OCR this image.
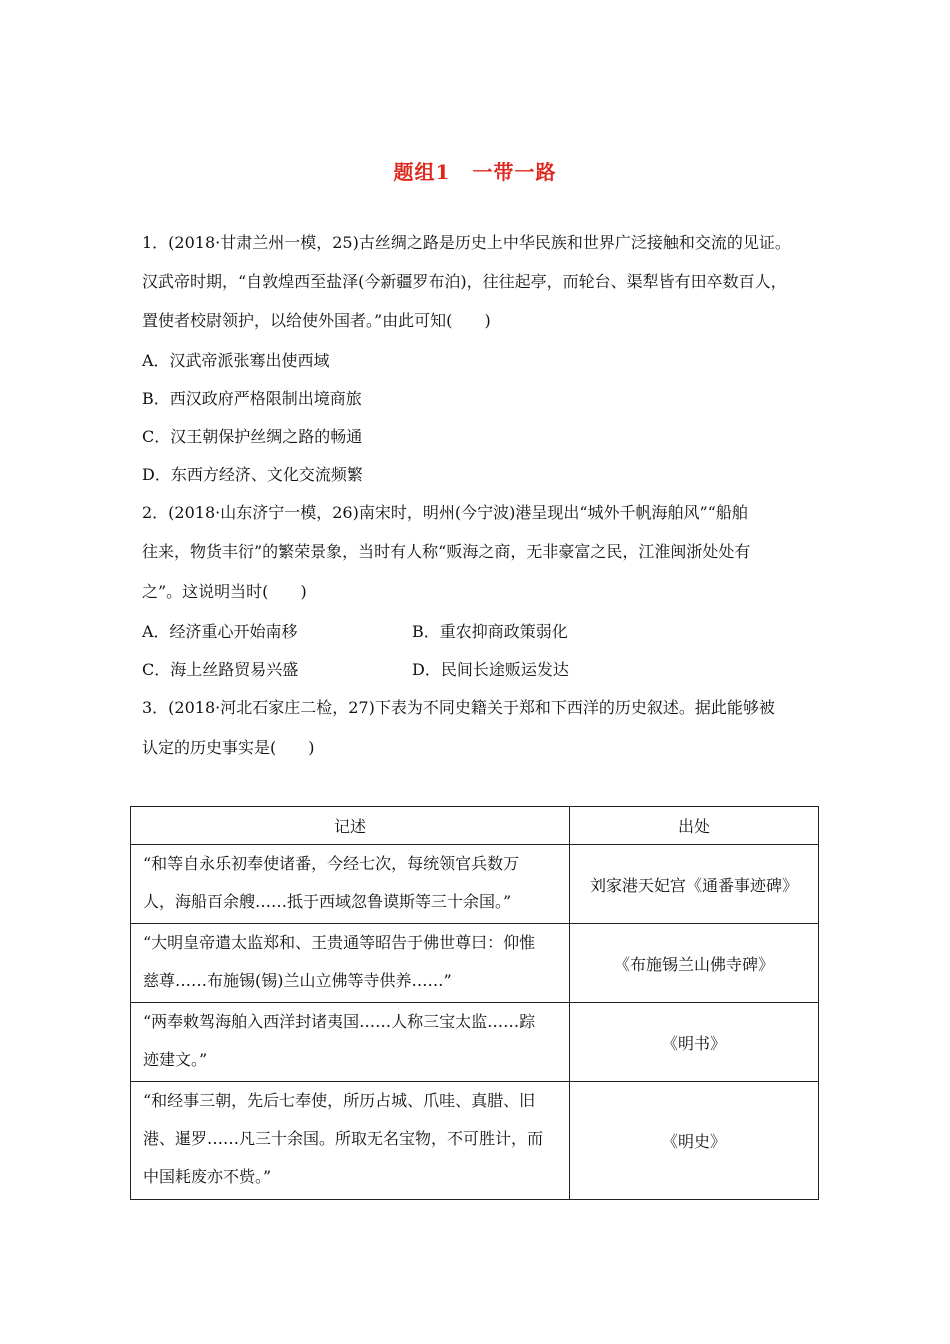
题组1 一带一路
1．(2018·甘肃兰州一模，25)古丝绸之路是历史上中华民族和世界广泛接触和交流的见证。
汉武帝时期，“自敦煌西至盐泽(今新疆罗布泊)，往往起亭，而轮台、渠犁皆有田卒数百人，
置使者校尉领护，以给使外国者。”由此可知( )
A．汉武帝派张骞出使西域
B．西汉政府严格限制出境商旅
C．汉王朝保护丝绸之路的畅通
D．东西方经济、文化交流频繁
2．(2018·山东济宁一模，26)南宋时，明州(今宁波)港呈现出“城外千帆海舶风”“船舶
往来，物货丰衍”的繁荣景象，当时有人称“贩海之商，无非豪富之民，江淮闽浙处处有
之”。这说明当时( )
A．经济重心开始南移	B．重农抑商政策弱化
C．海上丝路贸易兴盛	D．民间长途贩运发达
3．(2018·河北石家庄二检，27)下表为不同史籍关于郑和下西洋的历史叙述。据此能够被
认定的历史事实是( )
记述	出处

“和等自永乐初奉使诸番，今经七次，每统领官兵数万
人，海船百余艘……抵于西域忽鲁谟斯等三十余国。”	刘家港天妃宫《通番事迹碑》

“大明皇帝遣太监郑和、王贵通等昭告于佛世尊曰：仰惟
慈尊……布施锡(锡)兰山立佛等寺供养……”	《布施锡兰山佛寺碑》

“两奉敕驾海舶入西洋封诸夷国……人称三宝太监……踪
迹建文。”	《明书》

“和经事三朝，先后七奉使，所历占城、爪哇、真腊、旧
港、暹罗……凡三十余国。所取无名宝物，不可胜计，而
中国耗废亦不赀。”	《明史》
